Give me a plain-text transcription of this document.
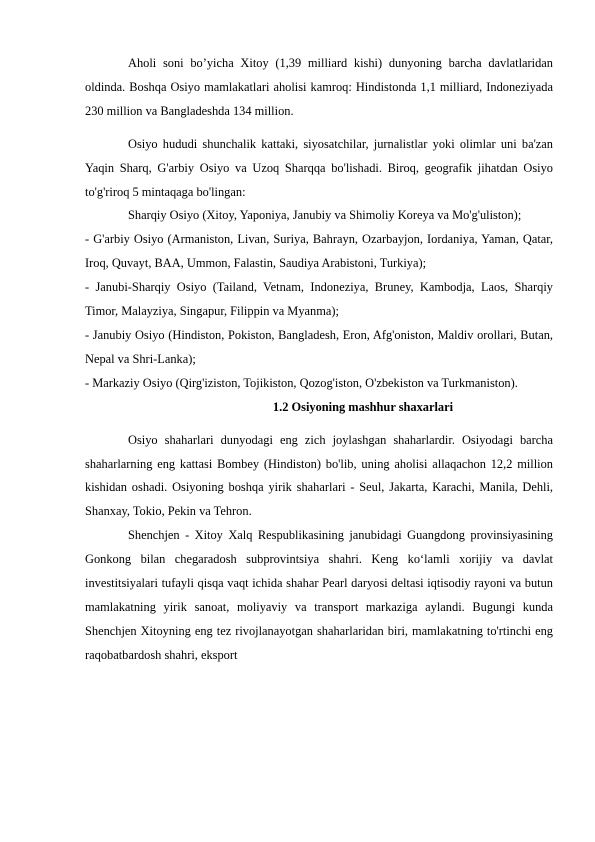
Aholi soni bo’yicha Xitoy (1,39 milliard kishi) dunyoning barcha davlatlaridan oldinda. Boshqa Osiyo mamlakatlari aholisi kamroq: Hindistonda 1,1 milliard, Indoneziyada 230 million va Bangladeshda 134 million.

Osiyo hududi shunchalik kattaki, siyosatchilar, jurnalistlar yoki olimlar uni ba'zan Yaqin Sharq, G'arbiy Osiyo va Uzoq Sharqqa bo'lishadi. Biroq, geografik jihatdan Osiyo to'g'riroq 5 mintaqaga bo'lingan:

Sharqiy Osiyo (Xitoy, Yaponiya, Janubiy va Shimoliy Koreya va Mo'g'uliston);

- G'arbiy Osiyo (Armaniston, Livan, Suriya, Bahrayn, Ozarbayjon, Iordaniya, Yaman, Qatar, Iroq, Quvayt, BAA, Ummon, Falastin, Saudiya Arabistoni, Turkiya);

- Janubi-Sharqiy Osiyo (Tailand, Vetnam, Indoneziya, Bruney, Kambodja, Laos, Sharqiy Timor, Malayziya, Singapur, Filippin va Myanma);

- Janubiy Osiyo (Hindiston, Pokiston, Bangladesh, Eron, Afg'oniston, Maldiv orollari, Butan, Nepal va Shri-Lanka);

- Markaziy Osiyo (Qirg'iziston, Tojikiston, Qozog'iston, O'zbekiston va Turkmaniston).

1.2 Osiyoning mashhur shaxarlari

Osiyo shaharlari dunyodagi eng zich joylashgan shaharlardir. Osiyodagi barcha shaharlarning eng kattasi Bombey (Hindiston) bo'lib, uning aholisi allaqachon 12,2 million kishidan oshadi. Osiyoning boshqa yirik shaharlari - Seul, Jakarta, Karachi, Manila, Dehli, Shanxay, Tokio, Pekin va Tehron.

Shenchjen - Xitoy Xalq Respublikasining janubidagi Guangdong provinsiyasining Gonkong bilan chegaradosh subprovintsiya shahri. Keng ko‘lamli xorijiy va davlat investitsiyalari tufayli qisqa vaqt ichida shahar Pearl daryosi deltasi iqtisodiy rayoni va butun mamlakatning yirik sanoat, moliyaviy va transport markaziga aylandi. Bugungi kunda Shenchjen Xitoyning eng tez rivojlanayotgan shaharlaridan biri, mamlakatning to'rtinchi eng raqobatbardosh shahri, eksport
